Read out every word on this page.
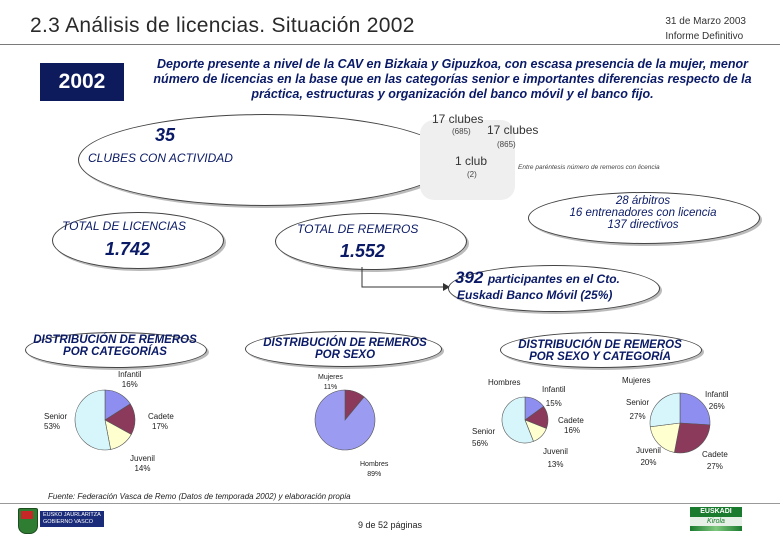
2.3 Análisis de licencias. Situación 2002	31 de Marzo 2003
Informe Definitivo
2002
Deporte presente a nivel de la CAV en Bizkaia y Gipuzkoa, con escasa presencia de la mujer, menor número de licencias en la base que en las categorías senior e importantes diferencias respecto de la práctica, estructuras y organización del banco móvil y el banco fijo.
35
CLUBES CON ACTIVIDAD
17 clubes
(685) 17 clubes
(865)
1 club
(2)
Entre paréntesis número de remeros con licencia
28 árbitros
16 entrenadores con licencia
137 directivos
TOTAL DE LICENCIAS
1.742
TOTAL DE REMEROS
1.552
392 participantes en el Cto.
Euskadi Banco Móvil (25%)
DISTRIBUCIÓN DE REMEROS POR CATEGORÍAS
DISTRIBUCIÓN DE REMEROS POR SEXO
DISTRIBUCIÓN DE REMEROS POR SEXO Y CATEGORÍA
Infantil
16%
Cadete
17%
Juvenil
14%
Senior
53%
Mujeres
11%
Hombres
89%
Hombres
Infantil
15%
Cadete
16%
Juvenil
13%
Senior
56%
Mujeres
Infantil
26%
Cadete
27%
Juvenil
20%
Senior
27%
Fuente: Federación Vasca de Remo (Datos de temporada 2002) y elaboración propia
EUSKO JAURLARITZA
GOBIERNO VASCO	9 de 52 páginas
EUSKADI
Kirola
